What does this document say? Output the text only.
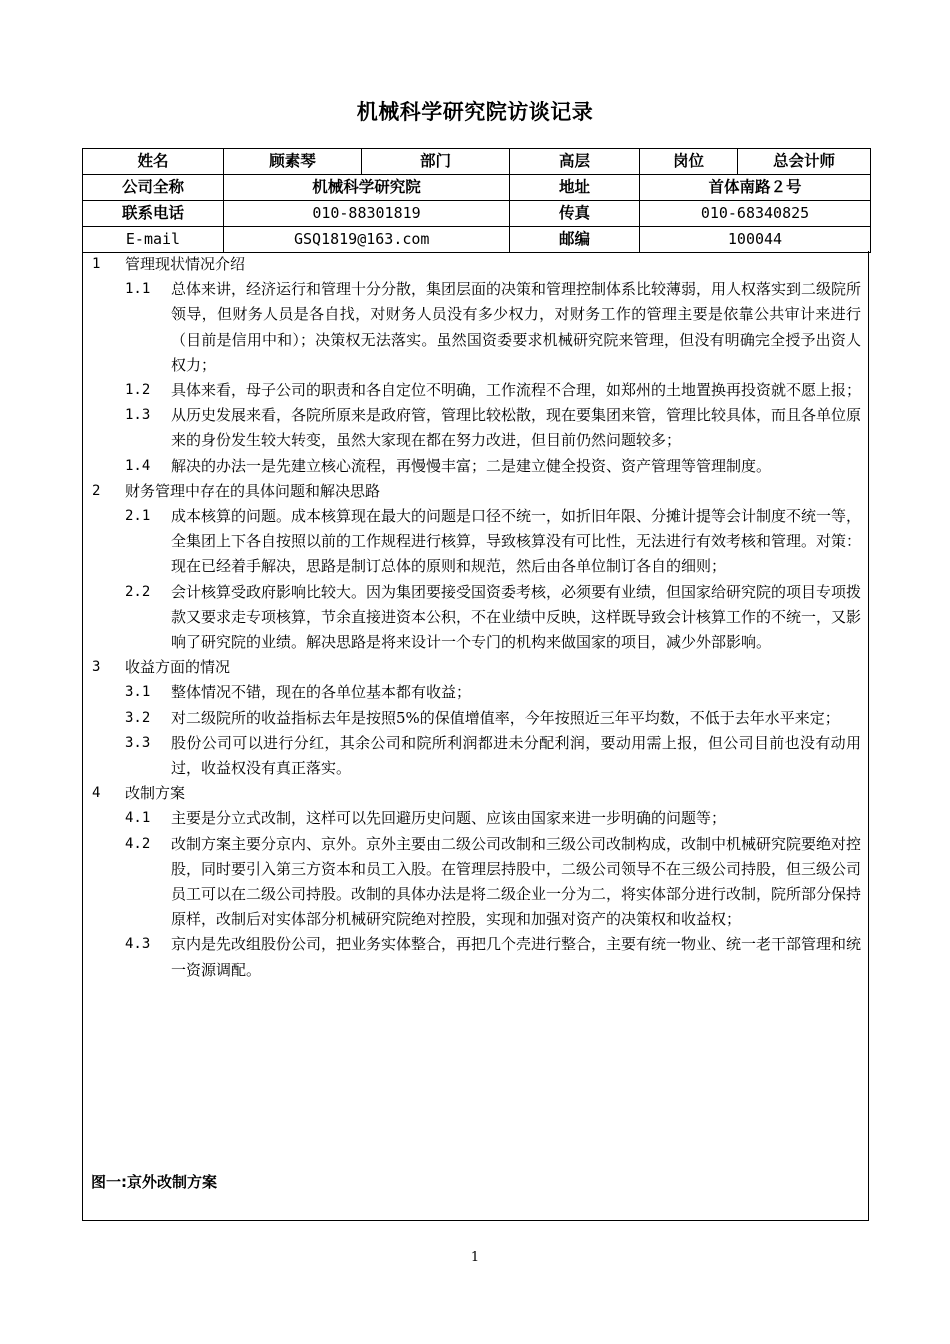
机械科学研究院访谈记录
姓名	顾素琴	部门	高层	岗位	总会计师
公司全称	机械科学研究院		地址	首体南路２号	
联系电话	010-88301819		传真	010-68340825	
E-mail	GSQ1819@163.com		邮编	100044	
1 管理现状情况介绍
1.1 总体来讲，经济运行和管理十分分散，集团层面的决策和管理控制体系比较薄弱，用人权落实到二级院所领导，但财务人员是各自找，对财务人员没有多少权力，对财务工作的管理主要是依靠公共审计来进行（目前是信用中和）；决策权无法落实。虽然国资委要求机械研究院来管理，但没有明确完全授予出资人权力；
1.2 具体来看，母子公司的职责和各自定位不明确，工作流程不合理，如郑州的土地置换再投资就不愿上报；
1.3 从历史发展来看，各院所原来是政府管，管理比较松散，现在要集团来管，管理比较具体，而且各单位原来的身份发生较大转变，虽然大家现在都在努力改进，但目前仍然问题较多；
1.4 解决的办法一是先建立核心流程，再慢慢丰富；二是建立健全投资、资产管理等管理制度。
2 财务管理中存在的具体问题和解决思路
2.1 成本核算的问题。成本核算现在最大的问题是口径不统一，如折旧年限、分摊计提等会计制度不统一等，全集团上下各自按照以前的工作规程进行核算，导致核算没有可比性，无法进行有效考核和管理。对策：现在已经着手解决，思路是制订总体的原则和规范，然后由各单位制订各自的细则；
2.2 会计核算受政府影响比较大。因为集团要接受国资委考核，必须要有业绩，但国家给研究院的项目专项拨款又要求走专项核算，节余直接进资本公积，不在业绩中反映，这样既导致会计核算工作的不统一，又影响了研究院的业绩。解决思路是将来设计一个专门的机构来做国家的项目，减少外部影响。
3 收益方面的情况
3.1 整体情况不错，现在的各单位基本都有收益；
3.2 对二级院所的收益指标去年是按照5%的保值增值率，今年按照近三年平均数，不低于去年水平来定；
3.3 股份公司可以进行分红，其余公司和院所利润都进未分配利润，要动用需上报，但公司目前也没有动用过，收益权没有真正落实。
4 改制方案
4.1 主要是分立式改制，这样可以先回避历史问题、应该由国家来进一步明确的问题等；
4.2 改制方案主要分京内、京外。京外主要由二级公司改制和三级公司改制构成，改制中机械研究院要绝对控股，同时要引入第三方资本和员工入股。在管理层持股中，二级公司领导不在三级公司持股，但三级公司员工可以在二级公司持股。改制的具体办法是将二级企业一分为二，将实体部分进行改制，院所部分保持原样，改制后对实体部分机械研究院绝对控股，实现和加强对资产的决策权和收益权；
4.3 京内是先改组股份公司，把业务实体整合，再把几个壳进行整合，主要有统一物业、统一老干部管理和统一资源调配。
图一:京外改制方案
1
